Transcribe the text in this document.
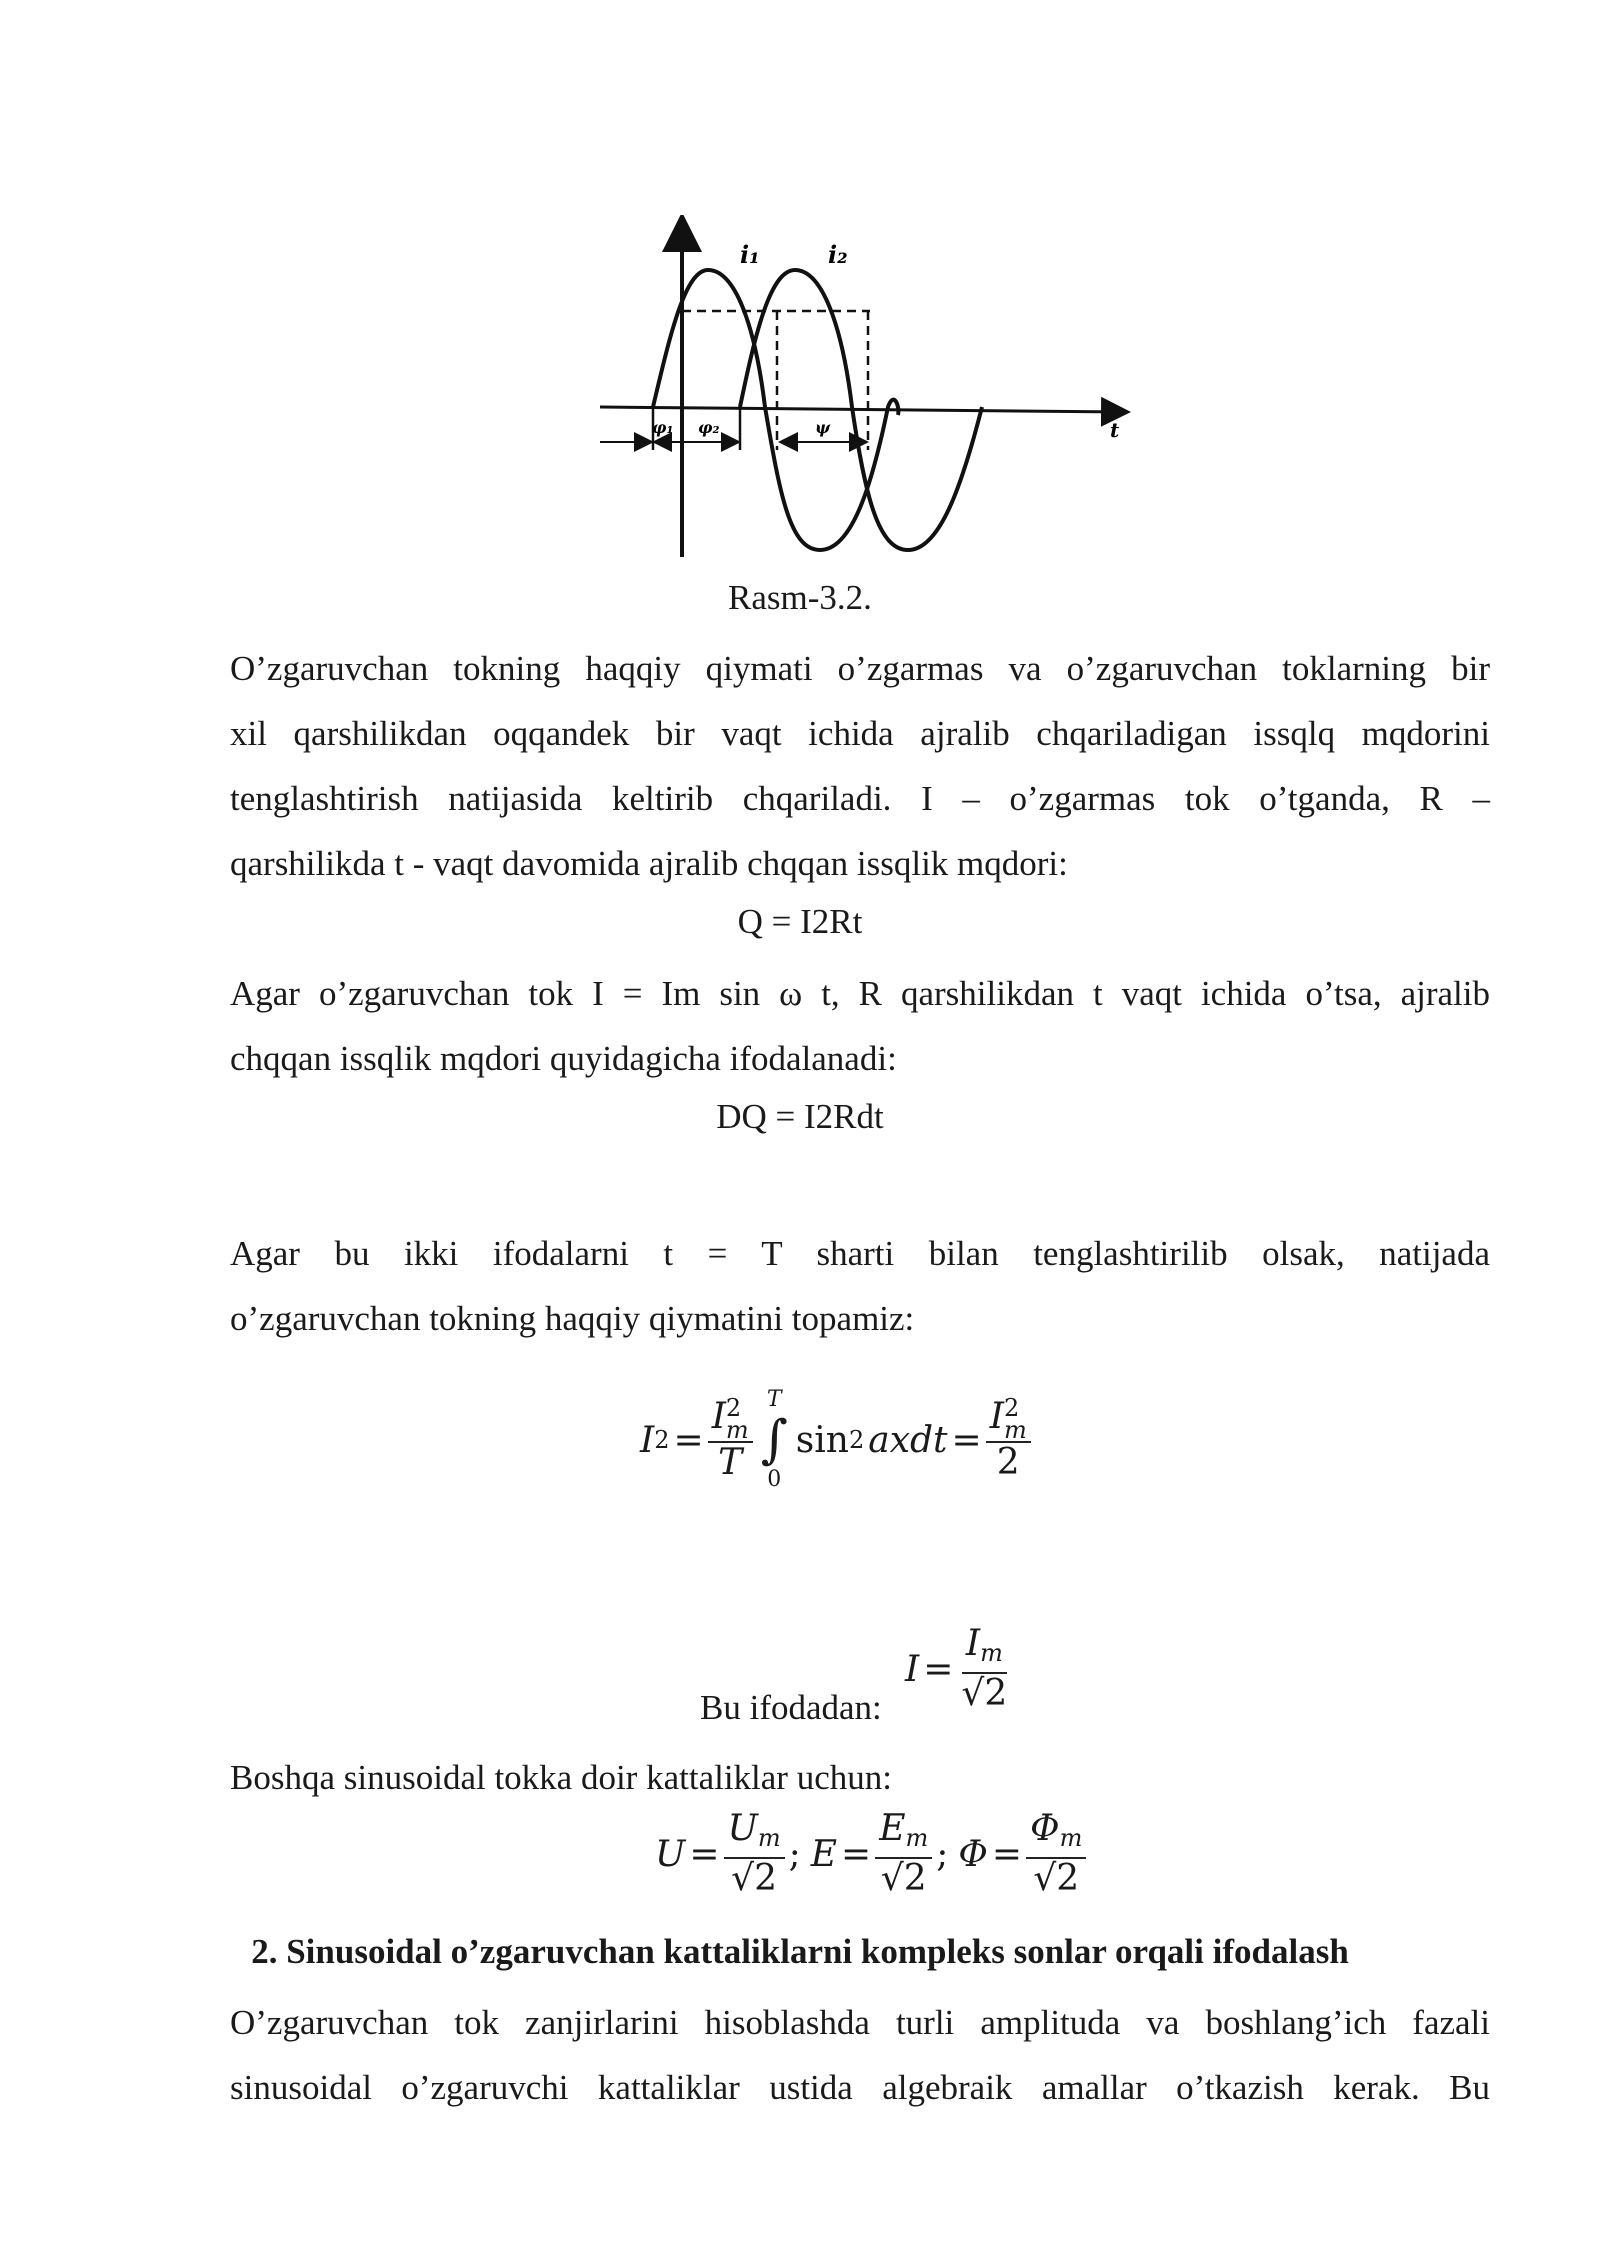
i₁	i₂
t
φ₁ φ₂	ψ
Rasm-3.2.
O’zgaruvchan tokning haqqiy qiymati o’zgarmas va o’zgaruvchan toklarning bir
xil qarshilikdan oqqandek bir vaqt ichida ajralib chqariladigan issqlq mqdorini
tenglashtirish natijasida keltirib chqariladi. I – o’zgarmas tok o’tganda, R –
qarshilikda t - vaqt davomida ajralib chqqan issqlik mqdori:
Q = I2Rt
Agar o’zgaruvchan tok I = Im sin ω t, R qarshilikdan t vaqt ichida o’tsa, ajralib
chqqan issqlik mqdori quyidagicha ifodalanadi:
DQ = I2Rdt
Agar bu ikki ifodalarni t = T sharti bilan tenglashtirilib olsak, natijada
o’zgaruvchan tokning haqqiy qiymatini topamiz:
I 2 = I 2
m
T T
∫
0
sin 2 axdt = I 2
m
2
Bu ifodadan:
$I = \frac{I_m}{√2}$
Boshqa sinusoidal tokka doir kattaliklar uchun:
$U = \frac{U_m}{√2}$ ; $E = \frac{E_m}{√2}$ ; $\Phi = \frac{\Phi_m}{√2}$
2. Sinusoidal o’zgaruvchan kattaliklarni kompleks sonlar orqali ifodalash
O’zgaruvchan tok zanjirlarini hisoblashda turli amplituda va boshlang’ich fazali
sinusoidal o’zgaruvchi kattaliklar ustida algebraik amallar o’tkazish kerak. Bu
